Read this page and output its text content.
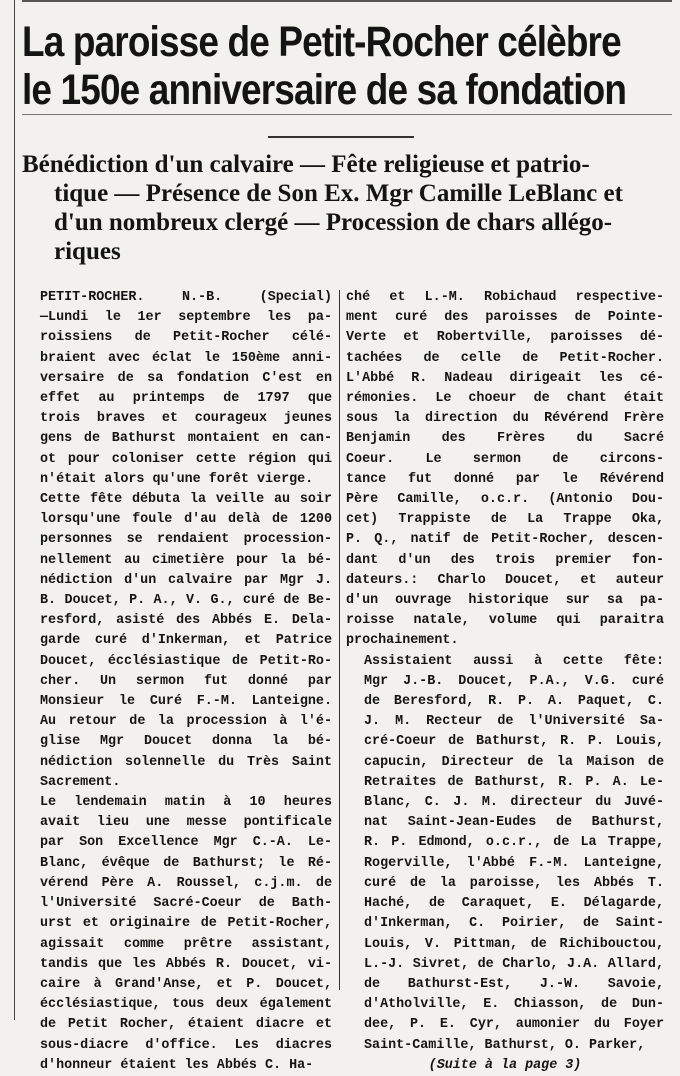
La paroisse de Petit-Rocher célèbre
le 150e anniversaire de sa fondation
Bénédiction d'un calvaire — Fête religieuse et patrio-
tique — Présence de Son Ex. Mgr Camille LeBlanc et
d'un nombreux clergé — Procession de chars allégo-
riques

PETIT-ROCHER. N.-B. (Special)
—Lundi le 1er septembre les pa-
roissiens de Petit-Rocher célé-
braient avec éclat le 150ème anni-
versaire de sa fondation C'est en
effet au printemps de 1797 que
trois braves et courageux jeunes
gens de Bathurst montaient en can-
ot pour coloniser cette région qui
n'était alors qu'une forêt vierge.

Cette fête débuta la veille au soir
lorsqu'une foule d'au delà de 1200
personnes se rendaient procession-
nellement au cimetière pour la bé-
nédiction d'un calvaire par Mgr J.
B. Doucet, P. A., V. G., curé de Be-
resford, asisté des Abbés E. Dela-
garde curé d'Inkerman, et Patrice
Doucet, écclésiastique de Petit-Ro-
cher. Un sermon fut donné par
Monsieur le Curé F.-M. Lanteigne.
Au retour de la procession à l'é-
glise Mgr Doucet donna la bé-
nédiction solennelle du Très Saint
Sacrement.

Le lendemain matin à 10 heures
avait lieu une messe pontificale
par Son Excellence Mgr C.-A. Le-
Blanc, évêque de Bathurst; le Ré-
vérend Père A. Roussel, c.j.m. de
l'Université Sacré-Coeur de Bath-
urst et originaire de Petit-Rocher,
agissait comme prêtre assistant,
tandis que les Abbés R. Doucet, vi-
caire à Grand'Anse, et P. Doucet,
écclésiastique, tous deux également
de Petit Rocher, étaient diacre et
sous-diacre d'office. Les diacres
d'honneur étaient les Abbés C. Ha-

ché et L.-M. Robichaud respective-
ment curé des paroisses de Pointe-
Verte et Robertville, paroisses dé-
tachées de celle de Petit-Rocher.
L'Abbé R. Nadeau dirigeait les cé-
rémonies. Le choeur de chant était
sous la direction du Révérend Frère
Benjamin des Frères du Sacré
Coeur. Le sermon de circons-
tance fut donné par le Révérend
Père Camille, o.c.r. (Antonio Dou-
cet) Trappiste de La Trappe Oka,
P. Q., natif de Petit-Rocher, descen-
dant d'un des trois premier fon-
dateurs.: Charlo Doucet, et auteur
d'un ouvrage historique sur sa pa-
roisse natale, volume qui paraitra
prochainement.

Assistaient aussi à cette fête:
Mgr J.-B. Doucet, P.A., V.G. curé
de Beresford, R. P. A. Paquet, C.
J. M. Recteur de l'Université Sa-
cré-Coeur de Bathurst, R. P. Louis,
capucin, Directeur de la Maison de
Retraites de Bathurst, R. P. A. Le-
Blanc, C. J. M. directeur du Juvé-
nat Saint-Jean-Eudes de Bathurst,
R. P. Edmond, o.c.r., de La Trappe,
Rogerville, l'Abbé F.-M. Lanteigne,
curé de la paroisse, les Abbés T.
Haché, de Caraquet, E. Délagarde,
d'Inkerman, C. Poirier, de Saint-
Louis, V. Pittman, de Richibouctou,
L.-J. Sivret, de Charlo, J.A. Allard,
de Bathurst-Est, J.-W. Savoie,
d'Atholville, E. Chiasson, de Dun-
dee, P. E. Cyr, aumonier du Foyer
Saint-Camille, Bathurst, O. Parker,

(Suite à la page 3)
